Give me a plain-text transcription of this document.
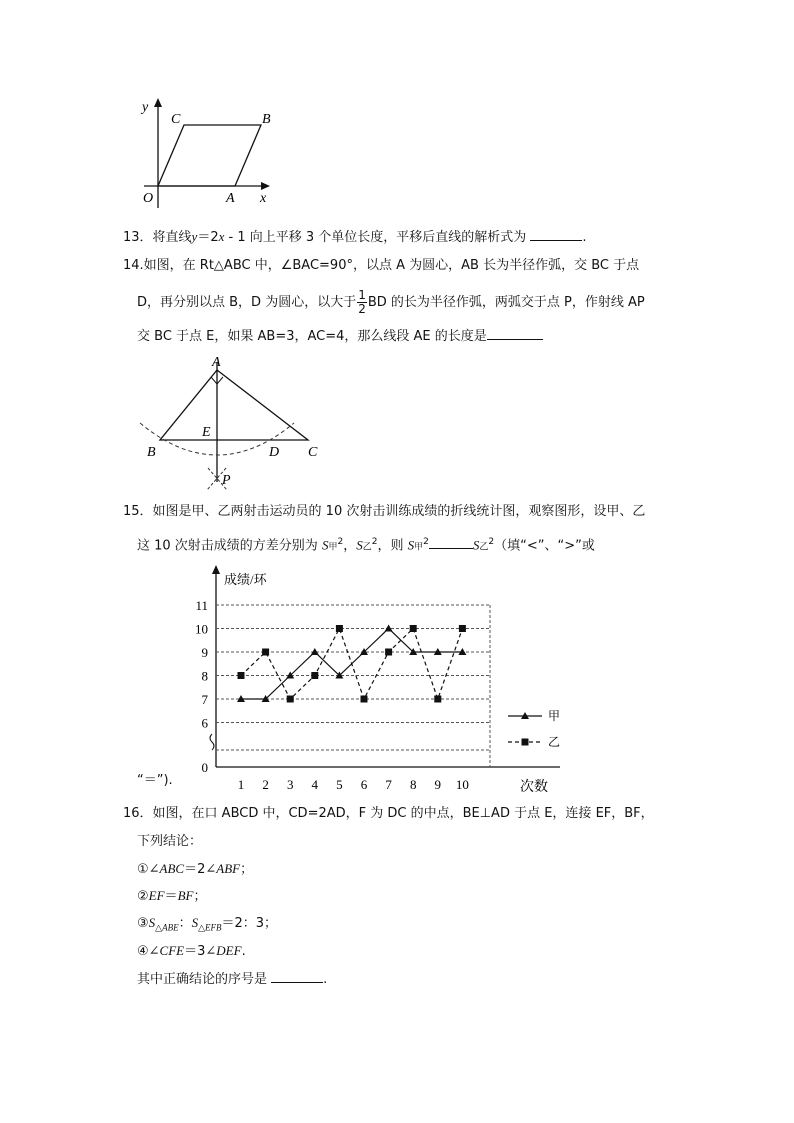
y
x
O	A
B
C
13．将直线y＝2x - 1 向上平移 3 个单位长度，平移后直线的解析式为	.
14.如图，在 Rt△ABC 中，∠BAC=90°，以点 A 为圆心，AB 长为半径作弧，交 BC 于点
D，再分别以点 B，D 为圆心，以大于 $\frac{1}{2}$ BD 的长为半径作弧，两弧交于点 P，作射线 AP
交 BC 于点 E，如果 AB=3，AC=4，那么线段 AE 的长度是
A
B	C
D
E
P
15．如图是甲、乙两射击运动员的 10 次射击训练成绩的折线统计图，观察图形，设甲、乙
这 10 次射击成绩的方差分别为 S甲$^2$，S乙$^2$，则 S甲$^2$	S乙$^2$（填“<”、“>”或
“＝”).
0
6
7
8
9
10
11
成绩/环
1 2 3 4 5 6 7 8 9 10	次数
甲
乙
16．如图，在口 ABCD 中，CD=2AD，F 为 DC 的中点，BE⊥AD 于点 E，连接 EF，BF，
下列结论：
①∠ABC＝2∠ABF；
②EF＝BF；
$③S_{\triangle ABE}$：$S_{\triangle EFB}=2$：3；
④∠CFE＝3∠DEF.
其中正确结论的序号是	.
